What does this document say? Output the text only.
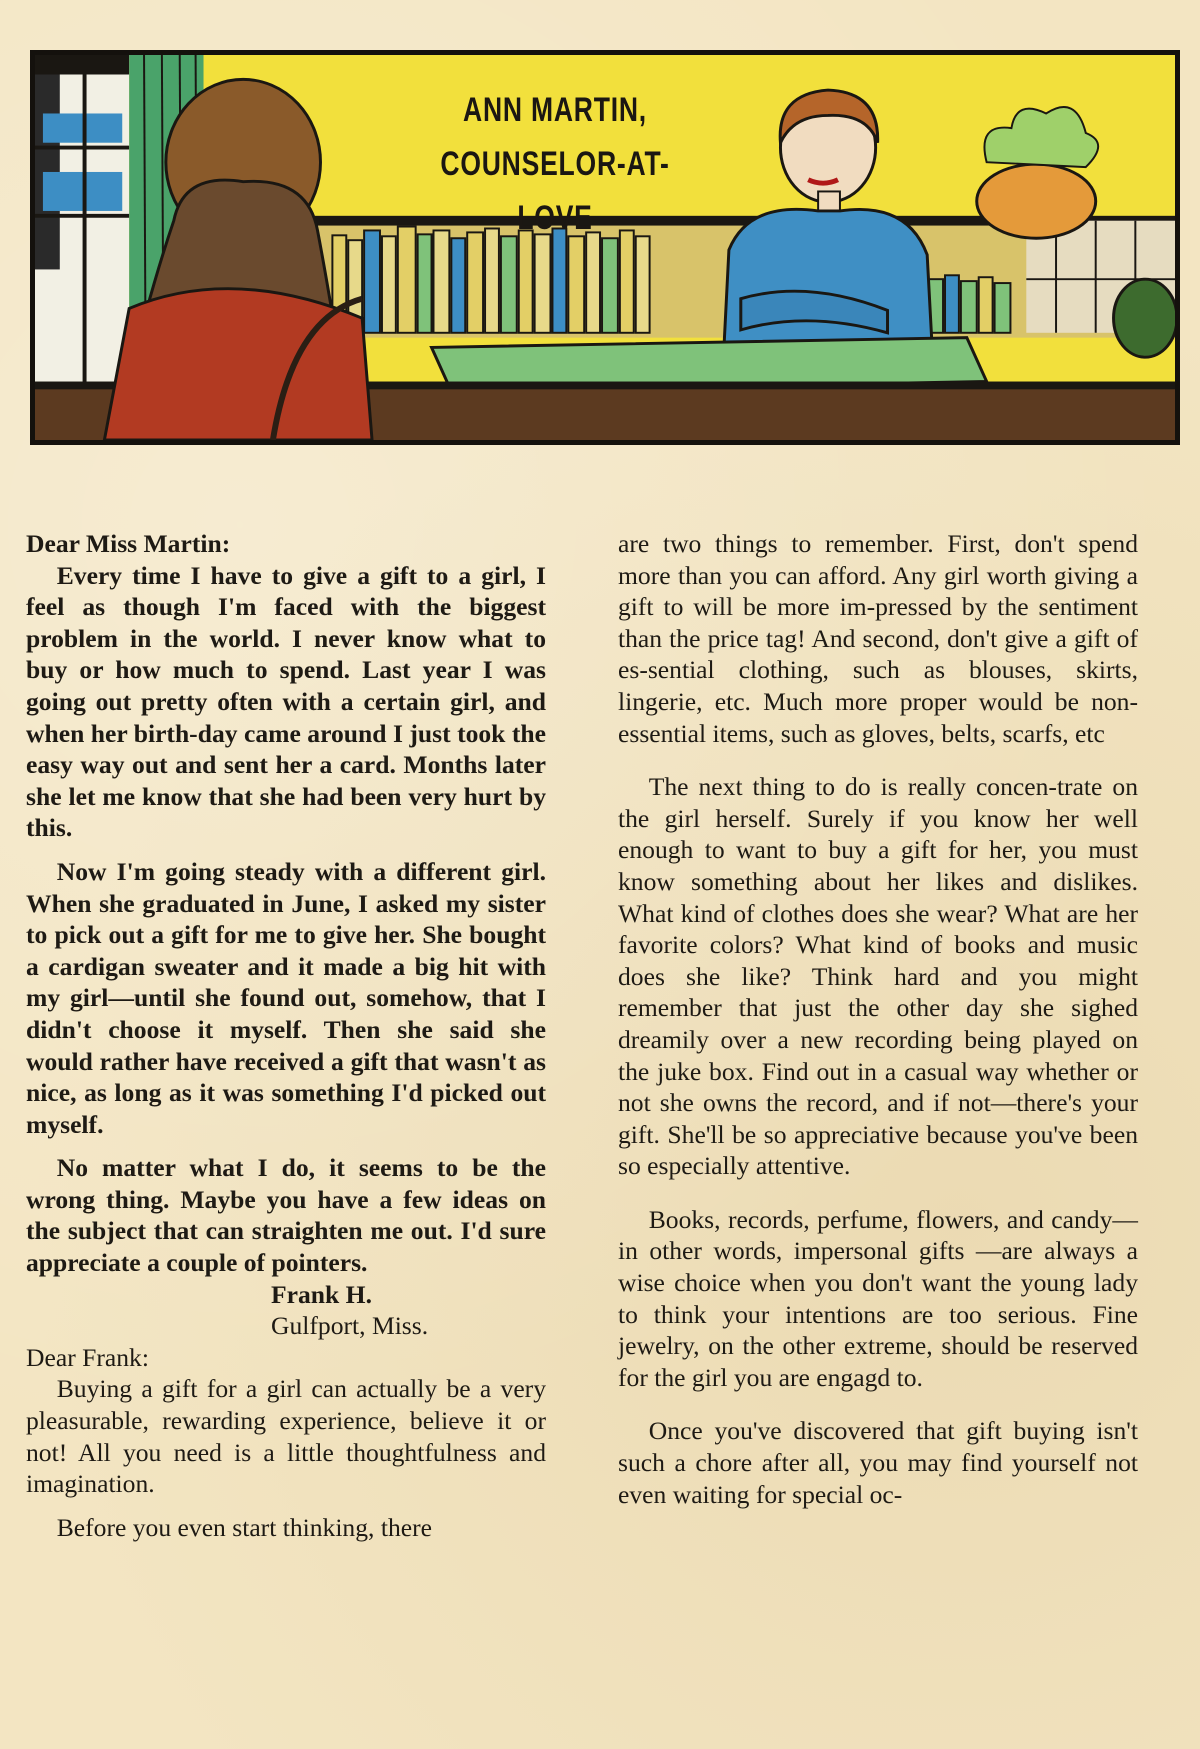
ANN MARTIN,
COUNSELOR-AT-LOVE

Dear Miss Martin:

Every time I have to give a gift to a girl, I feel as though I'm faced with the biggest problem in the world. I never know what to buy or how much to spend. Last year I was going out pretty often with a certain girl, and when her birth-day came around I just took the easy way out and sent her a card. Months later she let me know that she had been very hurt by this.

Now I'm going steady with a different girl. When she graduated in June, I asked my sister to pick out a gift for me to give her. She bought a cardigan sweater and it made a big hit with my girl—until she found out, somehow, that I didn't choose it myself. Then she said she would rather have received a gift that wasn't as nice, as long as it was something I'd picked out myself.

No matter what I do, it seems to be the wrong thing. Maybe you have a few ideas on the subject that can straighten me out. I'd sure appreciate a couple of pointers.

Frank H.

Gulfport, Miss.

Dear Frank:

Buying a gift for a girl can actually be a very pleasurable, rewarding experience, believe it or not! All you need is a little thoughtfulness and imagination.

Before you even start thinking, there

are two things to remember. First, don't spend more than you can afford. Any girl worth giving a gift to will be more im-pressed by the sentiment than the price tag! And second, don't give a gift of es-sential clothing, such as blouses, skirts, lingerie, etc. Much more proper would be non-essential items, such as gloves, belts, scarfs, etc

The next thing to do is really concen-trate on the girl herself. Surely if you know her well enough to want to buy a gift for her, you must know something about her likes and dislikes. What kind of clothes does she wear? What are her favorite colors? What kind of books and music does she like? Think hard and you might remember that just the other day she sighed dreamily over a new recording being played on the juke box. Find out in a casual way whether or not she owns the record, and if not—there's your gift. She'll be so appreciative because you've been so especially attentive.

Books, records, perfume, flowers, and candy—in other words, impersonal gifts —are always a wise choice when you don't want the young lady to think your intentions are too serious. Fine jewelry, on the other extreme, should be reserved for the girl you are engagd to.

Once you've discovered that gift buying isn't such a chore after all, you may find yourself not even waiting for special oc-
